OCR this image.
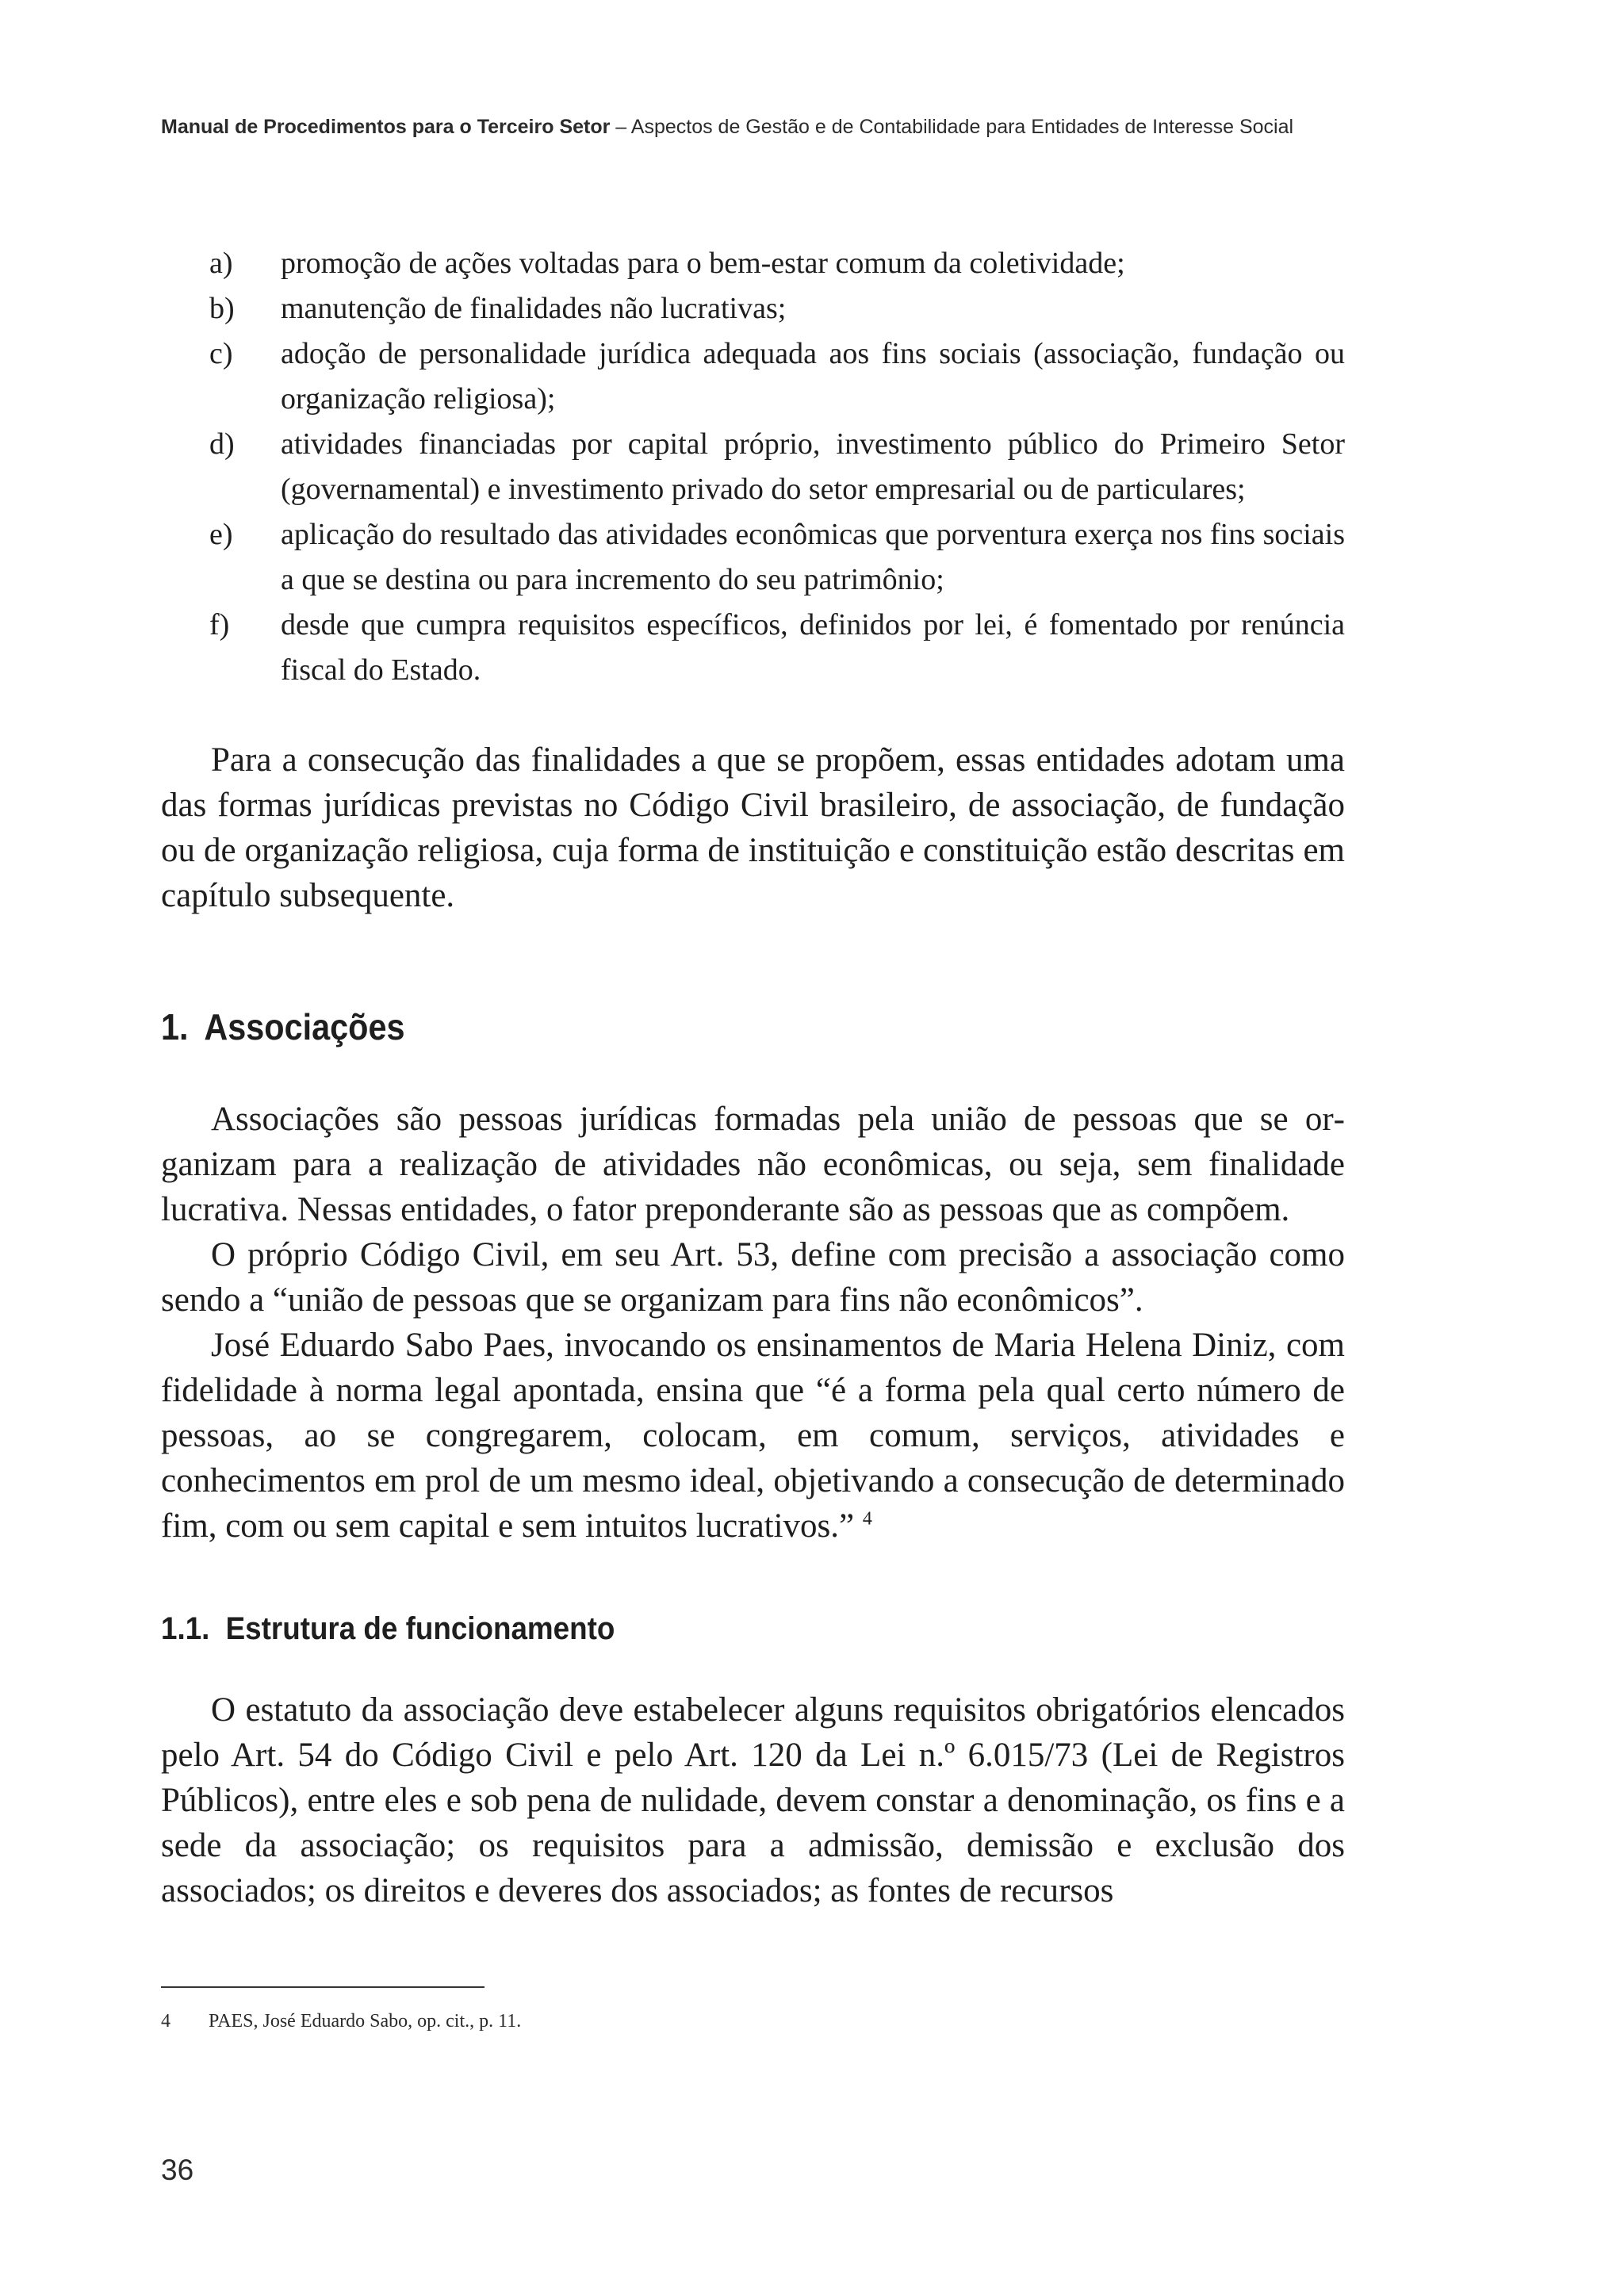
Manual de Procedimentos para o Terceiro Setor – Aspectos de Gestão e de Contabilidade para Entidades de Interesse Social
a) promoção de ações voltadas para o bem-estar comum da coletividade;
b) manutenção de finalidades não lucrativas;
c) adoção de personalidade jurídica adequada aos fins sociais (associação, fundação ou organização religiosa);
d) atividades financiadas por capital próprio, investimento público do Primeiro Setor (governamental) e investimento privado do setor empresarial ou de particulares;
e) aplicação do resultado das atividades econômicas que porventura exerça nos fins sociais a que se destina ou para incremento do seu patrimônio;
f) desde que cumpra requisitos específicos, definidos por lei, é fomentado por renúncia fiscal do Estado.

Para a consecução das finalidades a que se propõem, essas entidades adotam uma das formas jurídicas previstas no Código Civil brasileiro, de associação, de fundação ou de organização religiosa, cuja forma de instituição e constituição estão descritas em capítulo subsequente.

1. Associações

Associações são pessoas jurídicas formadas pela união de pessoas que se organizam para a realização de atividades não econômicas, ou seja, sem finalidade lucrativa. Nessas entidades, o fator preponderante são as pessoas que as compõem.

O próprio Código Civil, em seu Art. 53, define com precisão a associação como sendo a “união de pessoas que se organizam para fins não econômicos”.

José Eduardo Sabo Paes, invocando os ensinamentos de Maria Helena Diniz, com fidelidade à norma legal apontada, ensina que “é a forma pela qual certo número de pessoas, ao se congregarem, colocam, em comum, serviços, atividades e conhecimentos em prol de um mesmo ideal, objetivando a consecução de determinado fim, com ou sem capital e sem intuitos lucrativos.” $^4$

1.1. Estrutura de funcionamento

O estatuto da associação deve estabelecer alguns requisitos obrigatórios elencados pelo Art. 54 do Código Civil e pelo Art. 120 da Lei n.º 6.015/73 (Lei de Registros Públicos), entre eles e sob pena de nulidade, devem constar a denominação, os fins e a sede da associação; os requisitos para a admissão, demissão e exclusão dos associados; os direitos e deveres dos associados; as fontes de recursos

4 PAES, José Eduardo Sabo, op. cit., p. 11.
36
